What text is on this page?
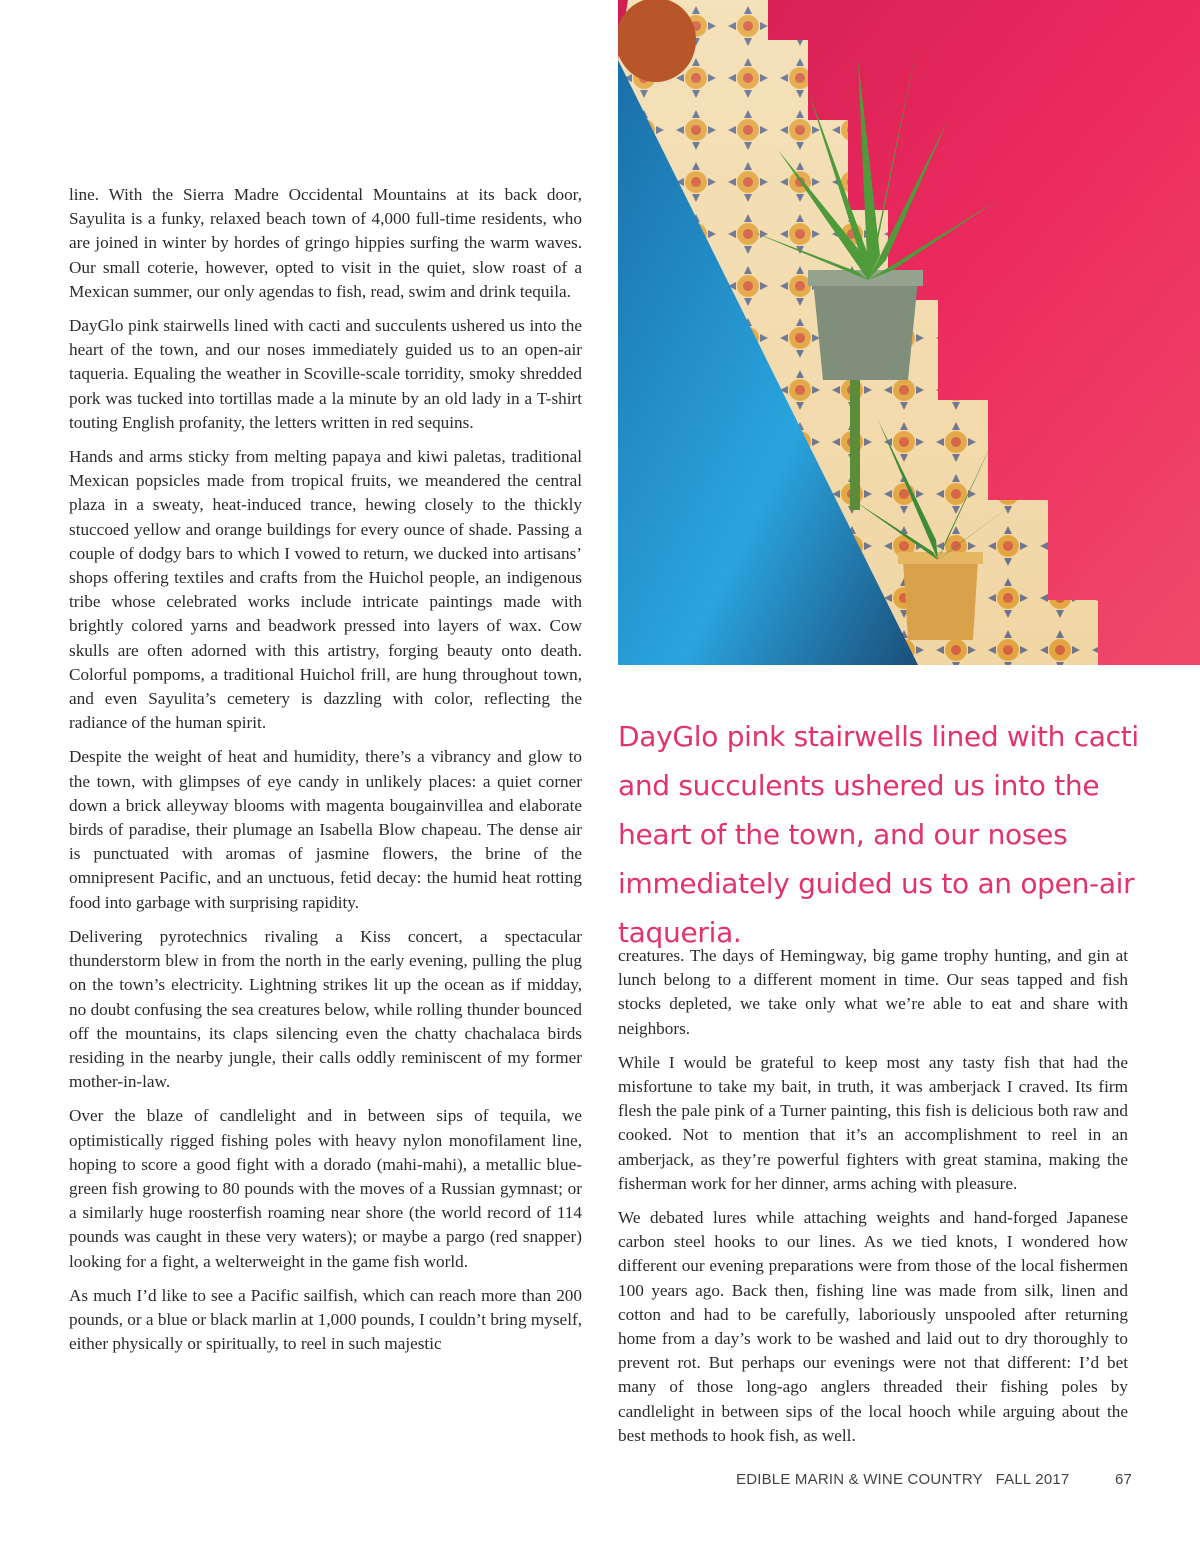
line. With the Sierra Madre Occidental Mountains at its back door, Sayulita is a funky, relaxed beach town of 4,000 full-time residents, who are joined in winter by hordes of gringo hippies surfing the warm waves. Our small coterie, however, opted to visit in the quiet, slow roast of a Mexican summer, our only agendas to fish, read, swim and drink tequila.

DayGlo pink stairwells lined with cacti and succulents ushered us into the heart of the town, and our noses immediately guided us to an open-air taqueria. Equaling the weather in Scoville-scale torridity, smoky shredded pork was tucked into tortillas made a la minute by an old lady in a T-shirt touting English profanity, the letters written in red sequins.

Hands and arms sticky from melting papaya and kiwi paletas, traditional Mexican popsicles made from tropical fruits, we meandered the central plaza in a sweaty, heat-induced trance, hewing closely to the thickly stuccoed yellow and orange buildings for every ounce of shade. Passing a couple of dodgy bars to which I vowed to return, we ducked into artisans’ shops offering textiles and crafts from the Huichol people, an indigenous tribe whose celebrated works include intricate paintings made with brightly colored yarns and beadwork pressed into layers of wax. Cow skulls are often adorned with this artistry, forging beauty onto death. Colorful pompoms, a traditional Huichol frill, are hung throughout town, and even Sayulita’s cemetery is dazzling with color, reflecting the radiance of the human spirit.

Despite the weight of heat and humidity, there’s a vibrancy and glow to the town, with glimpses of eye candy in unlikely places: a quiet corner down a brick alleyway blooms with magenta bougainvillea and elaborate birds of paradise, their plumage an Isabella Blow chapeau. The dense air is punctuated with aromas of jasmine flowers, the brine of the omnipresent Pacific, and an unctuous, fetid decay: the humid heat rotting food into garbage with surprising rapidity.

Delivering pyrotechnics rivaling a Kiss concert, a spectacular thunderstorm blew in from the north in the early evening, pulling the plug on the town’s electricity. Lightning strikes lit up the ocean as if midday, no doubt confusing the sea creatures below, while rolling thunder bounced off the mountains, its claps silencing even the chatty chachalaca birds residing in the nearby jungle, their calls oddly reminiscent of my former mother-in-law.

Over the blaze of candlelight and in between sips of tequila, we optimistically rigged fishing poles with heavy nylon monofilament line, hoping to score a good fight with a dorado (mahi-mahi), a metallic blue-green fish growing to 80 pounds with the moves of a Russian gymnast; or a similarly huge roosterfish roaming near shore (the world record of 114 pounds was caught in these very waters); or maybe a pargo (red snapper) looking for a fight, a welterweight in the game fish world.

As much I’d like to see a Pacific sailfish, which can reach more than 200 pounds, or a blue or black marlin at 1,000 pounds, I couldn’t bring myself, either physically or spiritually, to reel in such majestic

DayGlo pink stairwells lined with cacti and succulents ushered us into the heart of the town, and our noses immediately guided us to an open-air taqueria.

creatures. The days of Hemingway, big game trophy hunting, and gin at lunch belong to a different moment in time. Our seas tapped and fish stocks depleted, we take only what we’re able to eat and share with neighbors.

While I would be grateful to keep most any tasty fish that had the misfortune to take my bait, in truth, it was amberjack I craved. Its firm flesh the pale pink of a Turner painting, this fish is delicious both raw and cooked. Not to mention that it’s an accomplishment to reel in an amberjack, as they’re powerful fighters with great stamina, making the fisherman work for her dinner, arms aching with pleasure.

We debated lures while attaching weights and hand-forged Japanese carbon steel hooks to our lines. As we tied knots, I wondered how different our evening preparations were from those of the local fishermen 100 years ago. Back then, fishing line was made from silk, linen and cotton and had to be carefully, laboriously unspooled after returning home from a day’s work to be washed and laid out to dry thoroughly to prevent rot. But perhaps our evenings were not that different: I’d bet many of those long-ago anglers threaded their fishing poles by candlelight in between sips of the local hooch while arguing about the best methods to hook fish, as well.

EDIBLE MARIN & WINE COUNTRY   FALL 2017	67
